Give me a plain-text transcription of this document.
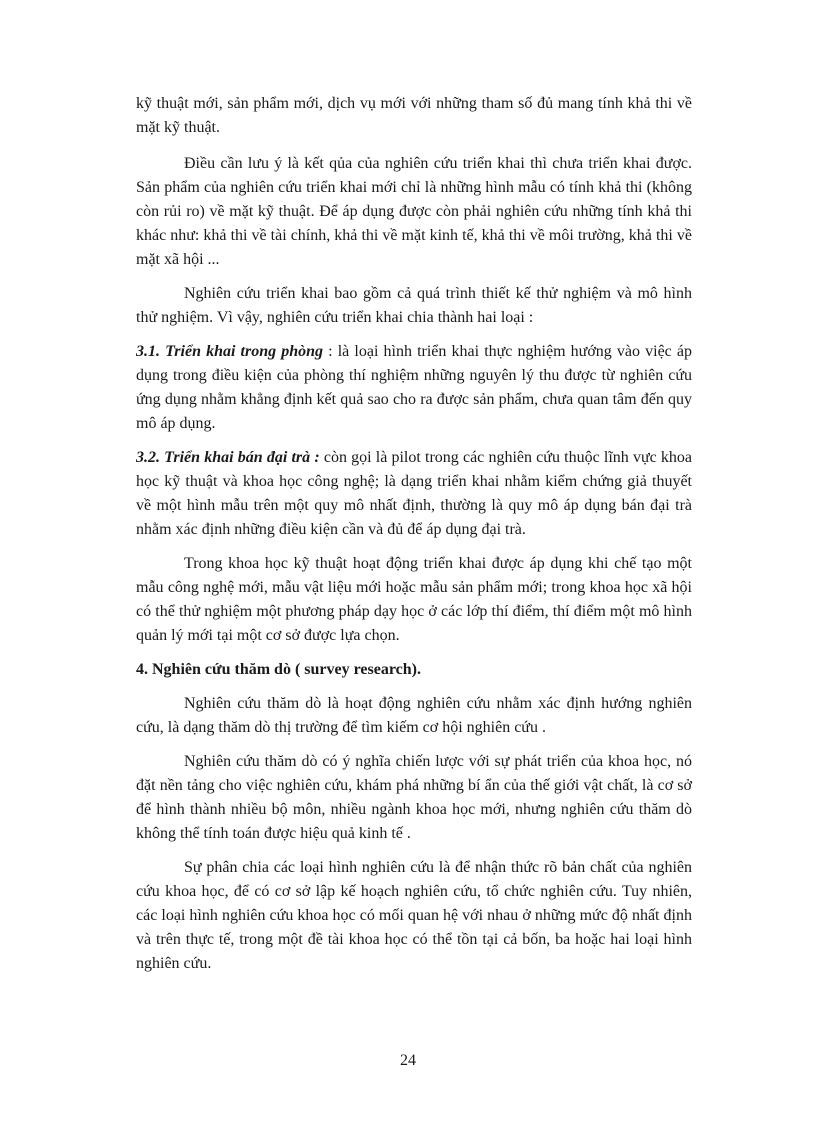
kỹ thuật mới, sản phẩm mới, dịch vụ mới với những tham số đủ mang tính khả thi về mặt kỹ thuật.

Điều cần lưu ý là kết qủa của nghiên cứu triển khai thì chưa triển khai được. Sản phẩm của nghiên cứu triển khai mới chỉ là những hình mẫu có tính khả thi (không còn rủi ro) về mặt kỹ thuật. Để áp dụng được còn phải nghiên cứu những tính khả thi khác như: khả thi về tài chính, khả thi về mặt kinh tế, khả thi về môi trường, khả thi về mặt xã hội ...

Nghiên cứu triển khai bao gồm cả quá trình thiết kế thử nghiệm và mô hình thử nghiệm. Vì vậy, nghiên cứu triển khai chia thành hai loại :

3.1. Triển khai trong phòng : là loại hình triển khai thực nghiệm hướng vào việc áp dụng trong điều kiện của phòng thí nghiệm những nguyên lý thu được từ nghiên cứu ứng dụng nhằm khẳng định kết quả sao cho ra được sản phẩm, chưa quan tâm đến quy mô áp dụng.

3.2. Triển khai bán đại trà : còn gọi là pilot trong các nghiên cứu thuộc lĩnh vực khoa học kỹ thuật và khoa học công nghệ; là dạng triển khai nhằm kiểm chứng giả thuyết về một hình mẫu trên một quy mô nhất định, thường là quy mô áp dụng bán đại trà nhằm xác định những điều kiện cần và đủ để áp dụng đại trà.

Trong khoa học kỹ thuật hoạt động triển khai được áp dụng khi chế tạo một mẫu công nghệ mới, mẫu vật liệu mới hoặc mẫu sản phẩm mới; trong khoa học xã hội có thể thử nghiệm một phương pháp dạy học ở các lớp thí điểm, thí điểm một mô hình quản lý mới tại một cơ sở được lựa chọn.

4. Nghiên cứu thăm dò ( survey research).

Nghiên cứu thăm dò là hoạt động nghiên cứu nhằm xác định hướng nghiên cứu, là dạng thăm dò thị trường để tìm kiếm cơ hội nghiên cứu .

Nghiên cứu thăm dò có ý nghĩa chiến lược với sự phát triển của khoa học, nó đặt nền tảng cho việc nghiên cứu, khám phá những bí ẩn của thế giới vật chất, là cơ sở để hình thành nhiều bộ môn, nhiều ngành khoa học mới, nhưng nghiên cứu thăm dò không thể tính toán được hiệu quả kinh tế .

Sự phân chia các loại hình nghiên cứu là để nhận thức rõ bản chất của nghiên cứu khoa học, để có cơ sở lập kế hoạch nghiên cứu, tổ chức nghiên cứu. Tuy nhiên, các loại hình nghiên cứu khoa học có mối quan hệ với nhau ở những mức độ nhất định và trên thực tế, trong một đề tài khoa học có thể tồn tại cả bốn, ba hoặc hai loại hình nghiên cứu.

24
